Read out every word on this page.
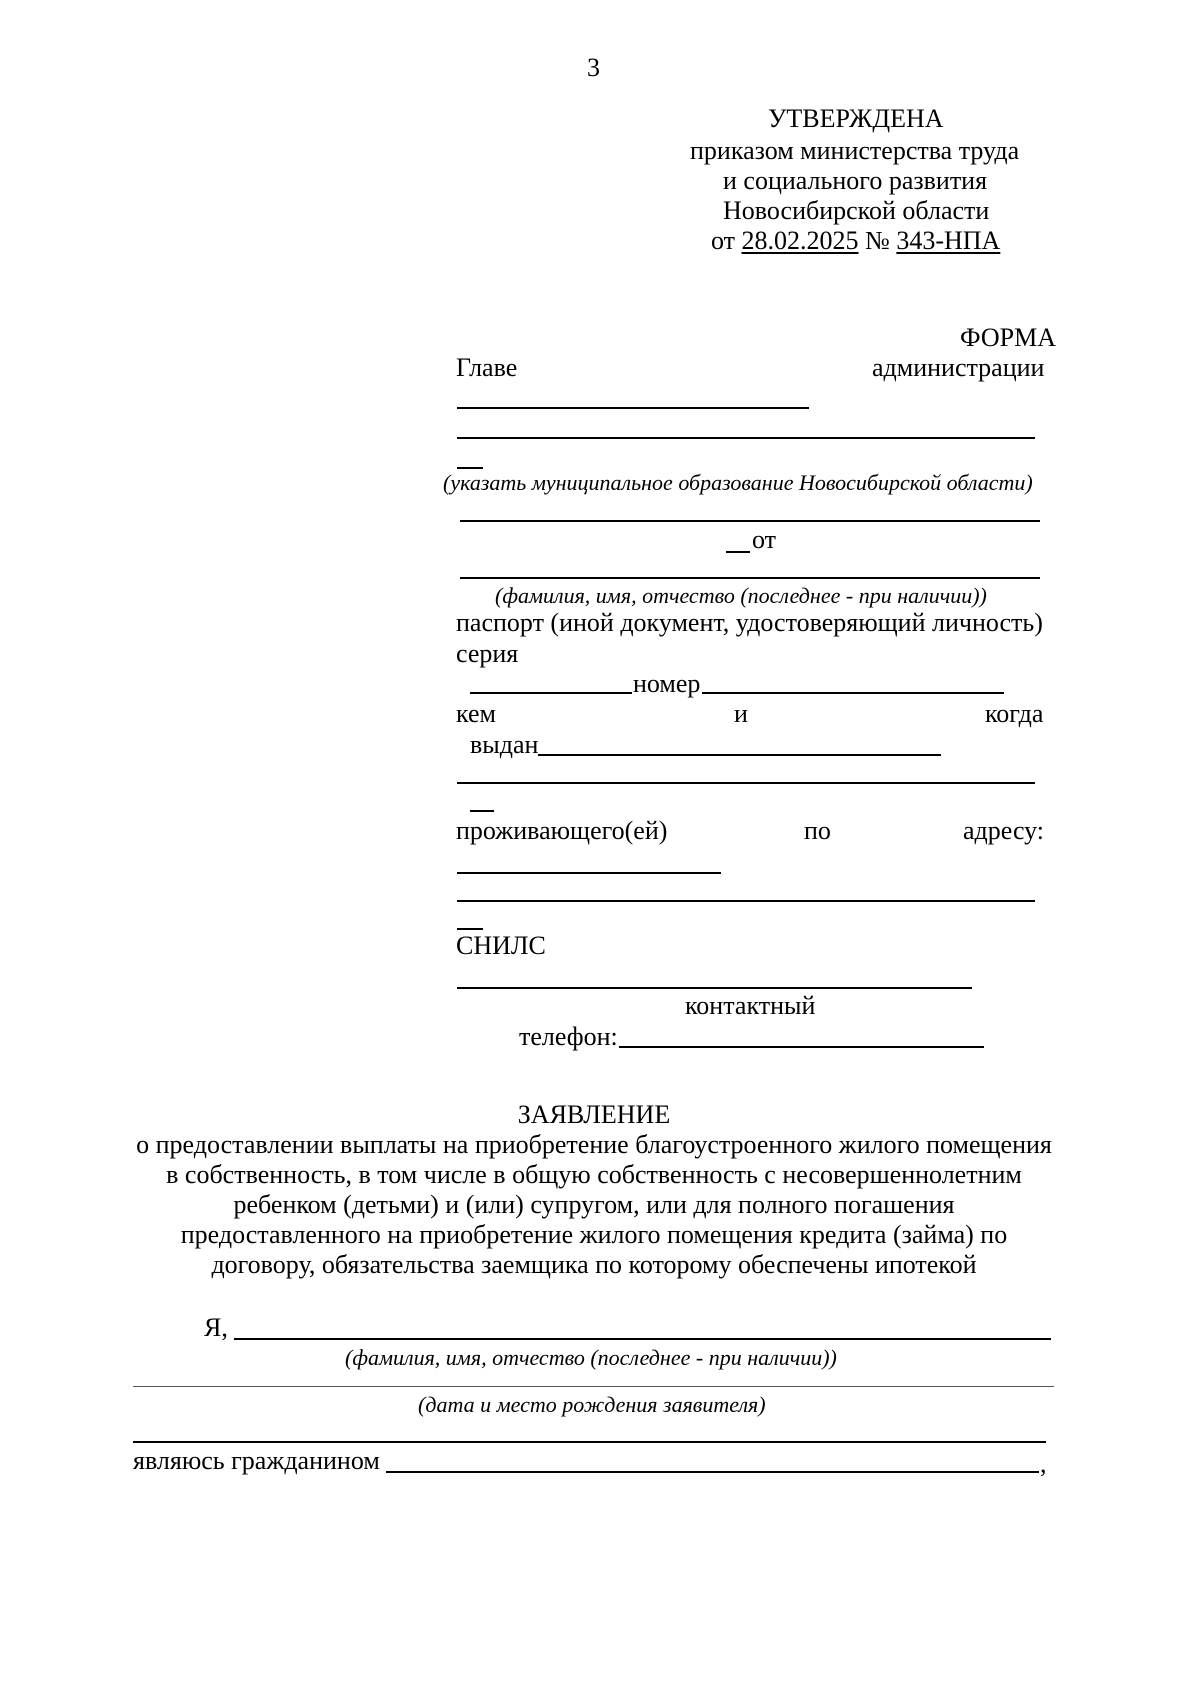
3
УТВЕРЖДЕНА
приказом министерства труда
и социального развития
Новосибирской области
от 28.02.2025 № 343-НПА
ФОРМА
Главе	администрации
(указать муниципальное образование Новосибирской области)
от
(фамилия, имя, отчество (последнее - при наличии))
паспорт (иной документ, удостоверяющий личность)
серия
номер
кем	и	когда
выдан
проживающего(ей)	по	адресу:
СНИЛС
контактный
телефон:
ЗАЯВЛЕНИЕ
о предоставлении выплаты на приобретение благоустроенного жилого помещения
в собственность, в том числе в общую собственность с несовершеннолетним
ребенком (детьми) и (или) супругом, или для полного погашения
предоставленного на приобретение жилого помещения кредита (займа) по
договору, обязательства заемщика по которому обеспечены ипотекой
Я,
(фамилия, имя, отчество (последнее - при наличии))
(дата и место рождения заявителя)
являюсь гражданином	,
